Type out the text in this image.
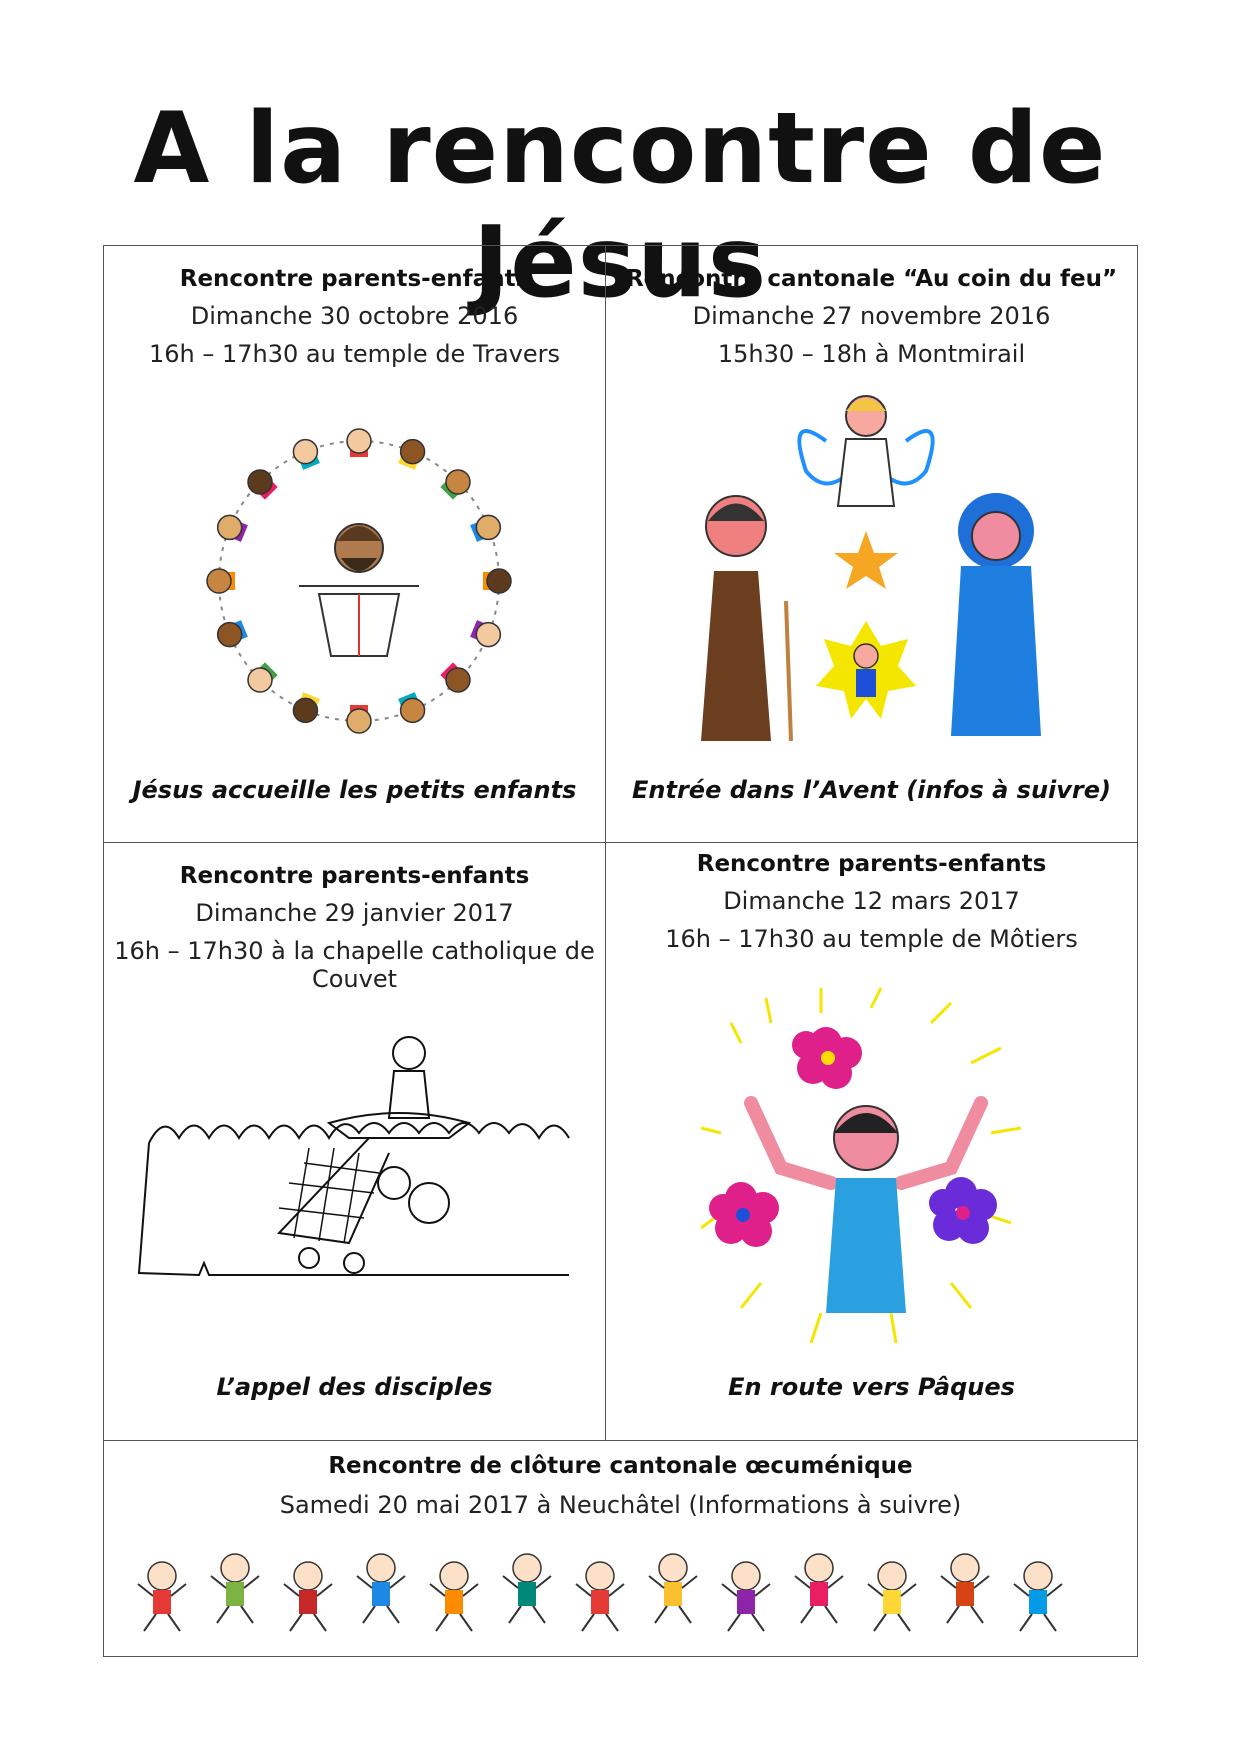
A la rencontre de Jésus
Rencontre parents-enfants
Dimanche 30 octobre 2016
16h – 17h30 au temple de Travers
Jésus accueille les petits enfants
Rencontre cantonale “Au coin du feu”
Dimanche 27 novembre 2016
15h30 – 18h à Montmirail
Entrée dans l’Avent (infos à suivre)
Rencontre parents-enfants
Dimanche 29 janvier 2017
16h – 17h30 à la chapelle catholique de Couvet
L’appel des disciples
Rencontre parents-enfants
Dimanche 12 mars 2017
16h – 17h30 au temple de Môtiers
En route vers Pâques
Rencontre de clôture cantonale œcuménique
Samedi 20 mai 2017 à Neuchâtel (Informations à suivre)
